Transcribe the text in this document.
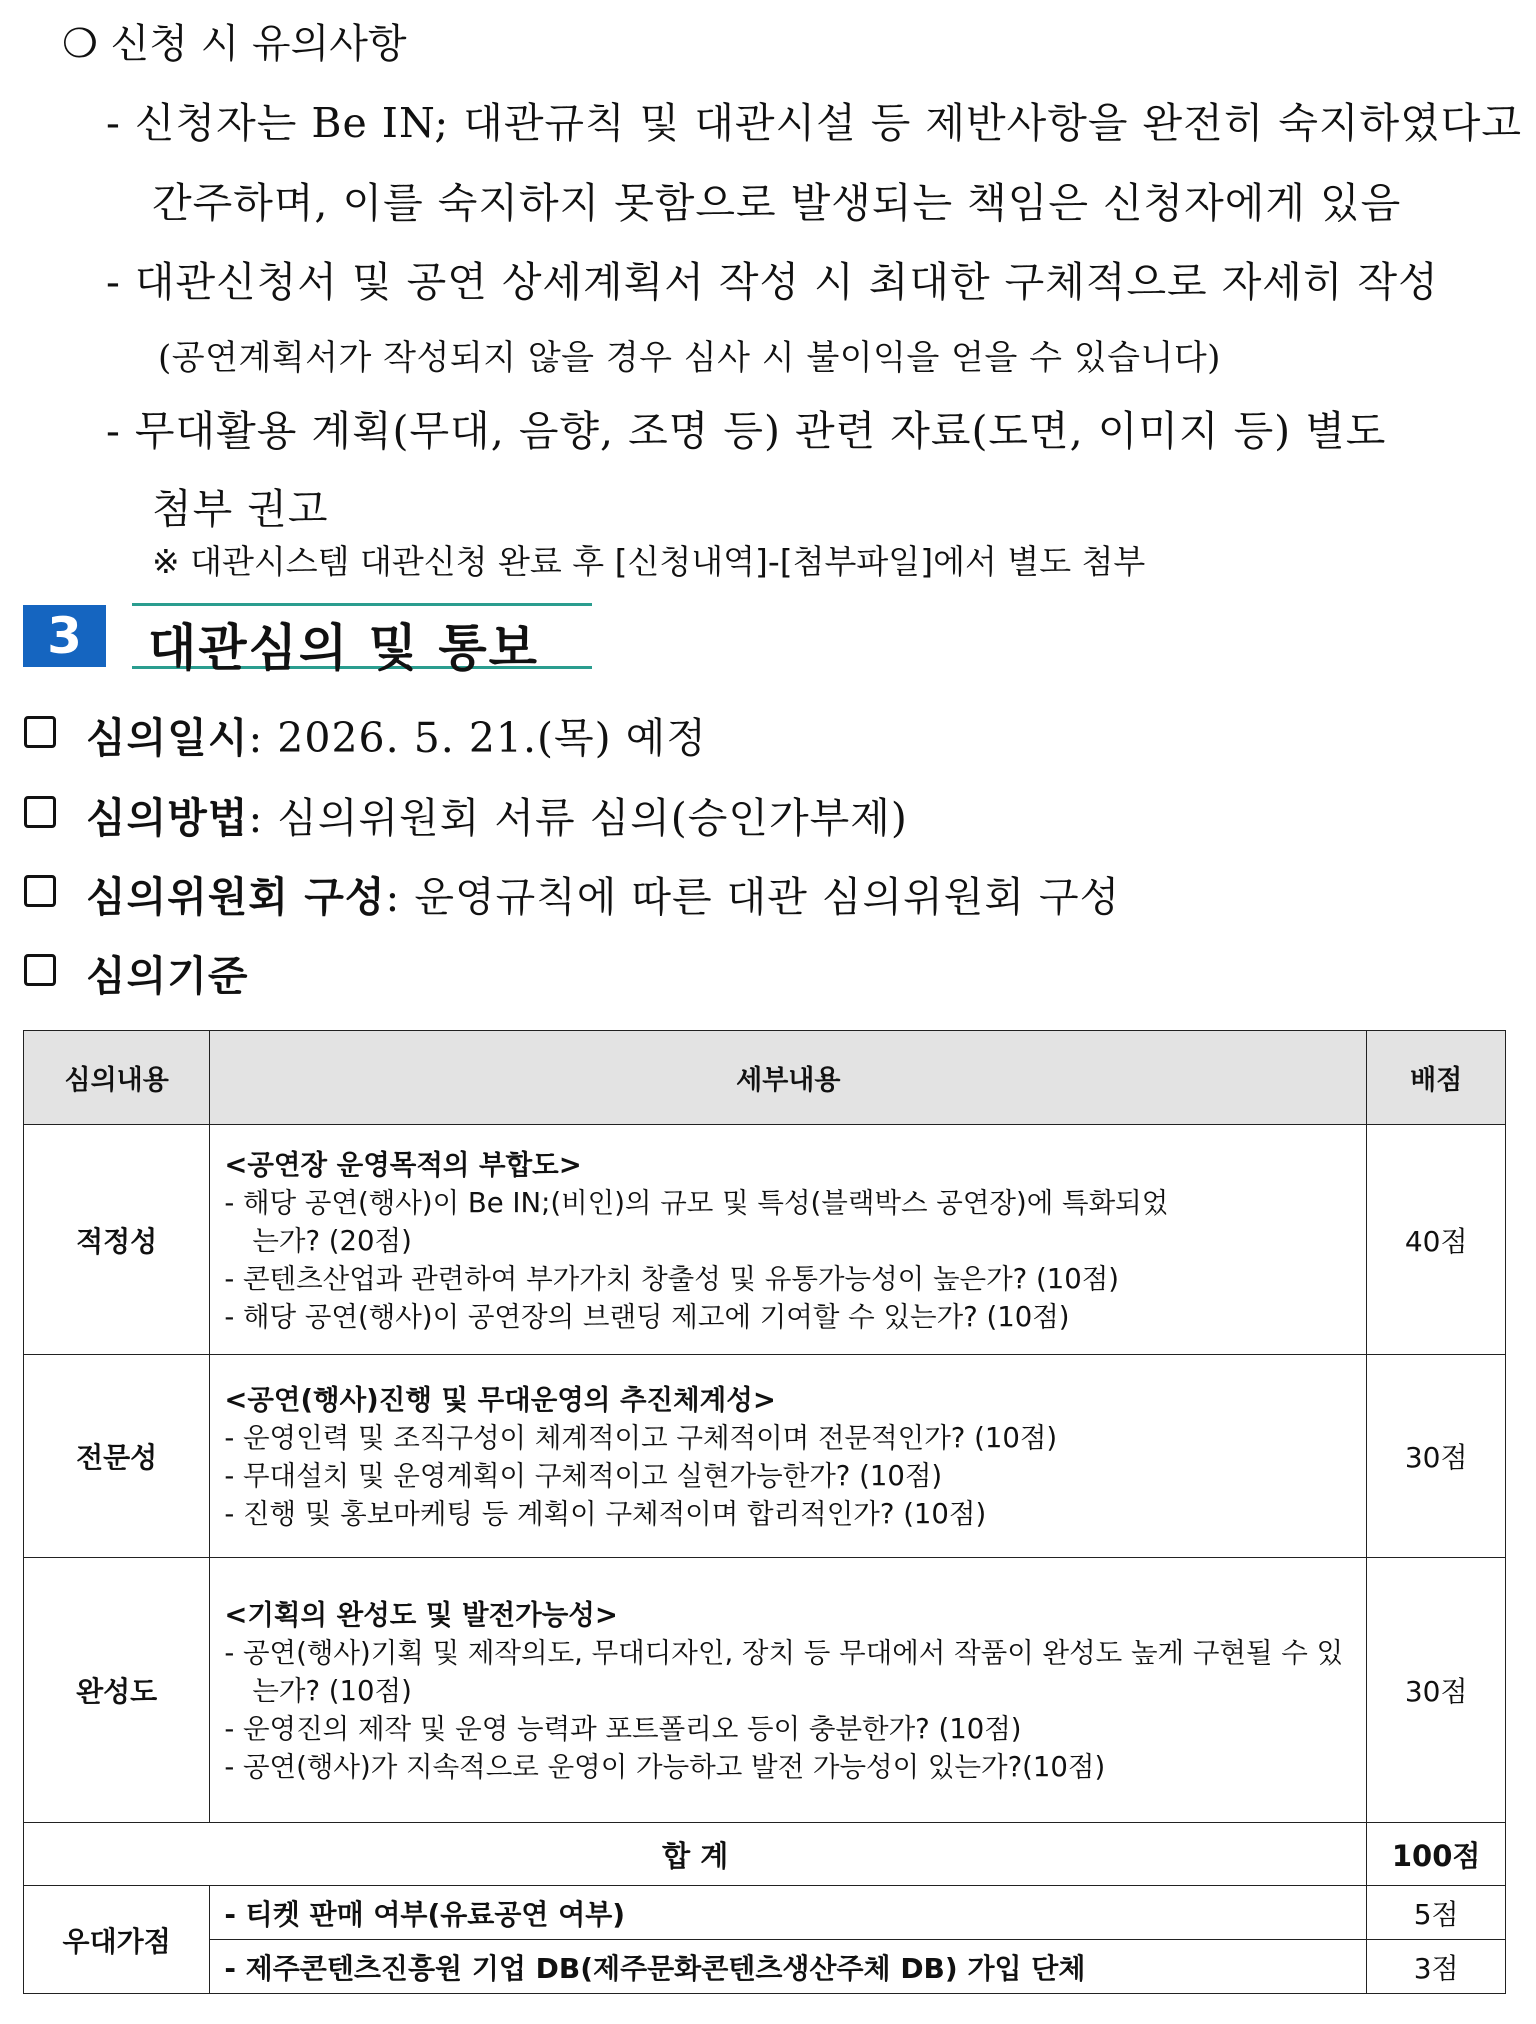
❍ 신청 시 유의사항
- 신청자는 Be IN; 대관규칙 및 대관시설 등 제반사항을 완전히 숙지하였다고
간주하며, 이를 숙지하지 못함으로 발생되는 책임은 신청자에게 있음
- 대관신청서 및 공연 상세계획서 작성 시 최대한 구체적으로 자세히 작성
(공연계획서가 작성되지 않을 경우 심사 시 불이익을 얻을 수 있습니다)
- 무대활용 계획(무대, 음향, 조명 등) 관련 자료(도면, 이미지 등) 별도
첨부 권고
※ 대관시스템 대관신청 완료 후 [신청내역]-[첨부파일]에서 별도 첨부
3	대관심의 및 통보
심의일시: 2026. 5. 21.(목) 예정
심의방법: 심의위원회 서류 심의(승인가부제)
심의위원회 구성: 운영규칙에 따른 대관 심의위원회 구성
심의기준
심의내용	세부내용	배점
적정성	<공연장 운영목적의 부합도>
- 해당 공연(행사)이 Be IN;(비인)의 규모 및 특성(블랙박스 공연장)에 특화되었는가? (20점)
- 콘텐츠산업과 관련하여 부가가치 창출성 및 유통가능성이 높은가? (10점)
- 해당 공연(행사)이 공연장의 브랜딩 제고에 기여할 수 있는가? (10점)	40점
전문성	<공연(행사)진행 및 무대운영의 추진체계성>
- 운영인력 및 조직구성이 체계적이고 구체적이며 전문적인가? (10점)
- 무대설치 및 운영계획이 구체적이고 실현가능한가? (10점)
- 진행 및 홍보마케팅 등 계획이 구체적이며 합리적인가? (10점)	30점
완성도	<기획의 완성도 및 발전가능성>
- 공연(행사)기획 및 제작의도, 무대디자인, 장치 등 무대에서 작품이 완성도 높게 구현될 수 있는가? (10점)
- 운영진의 제작 및 운영 능력과 포트폴리오 등이 충분한가? (10점)
- 공연(행사)가 지속적으로 운영이 가능하고 발전 가능성이 있는가?(10점)	30점
합 계		100점
우대가점	- 티켓 판매 여부(유료공연 여부)	5점
	- 제주콘텐츠진흥원 기업 DB(제주문화콘텐츠생산주체 DB) 가입 단체	3점
